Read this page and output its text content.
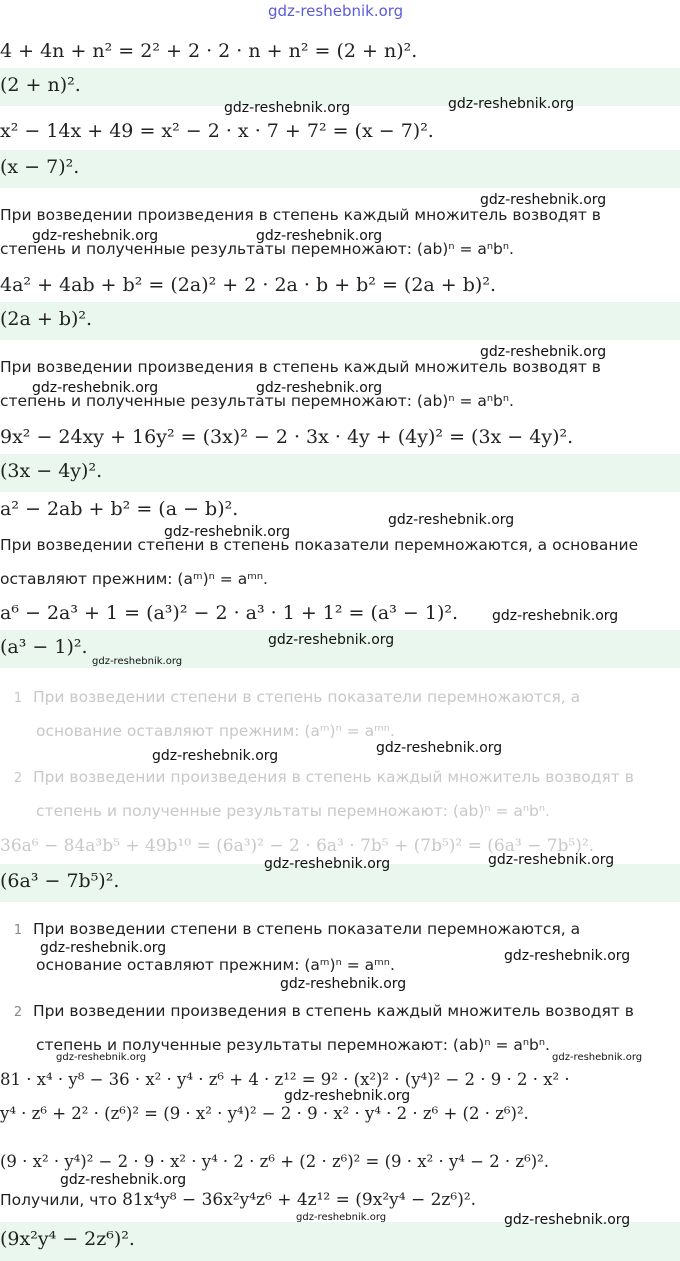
gdz-reshebnik.org
4 + 4n + n² = 2² + 2 · 2 · n + n² = (2 + n)².
(2 + n)².
x² − 14x + 49 = x² − 2 · x · 7 + 7² = (x − 7)².
(x − 7)².
При возведении произведения в степень каждый множитель возводят в
степень и полученные результаты перемножают: (ab)ⁿ = aⁿbⁿ.
4a² + 4ab + b² = (2a)² + 2 · 2a · b + b² = (2a + b)².
(2a + b)².
При возведении произведения в степень каждый множитель возводят в
степень и полученные результаты перемножают: (ab)ⁿ = aⁿbⁿ.
9x² − 24xy + 16y² = (3x)² − 2 · 3x · 4y + (4y)² = (3x − 4y)².
(3x − 4y)².
a² − 2ab + b² = (a − b)².
При возведении степени в степень показатели перемножаются, а основание
оставляют прежним: (aᵐ)ⁿ = aᵐⁿ.
a⁶ − 2a³ + 1 = (a³)² − 2 · a³ · 1 + 1² = (a³ − 1)².
(a³ − 1)².
1 При возведении степени в степень показатели перемножаются, а
основание оставляют прежним: (aᵐ)ⁿ = aᵐⁿ.
2 При возведении произведения в степень каждый множитель возводят в
степень и полученные результаты перемножают: (ab)ⁿ = aⁿbⁿ.
36a⁶ − 84a³b⁵ + 49b¹⁰ = (6a³)² − 2 · 6a³ · 7b⁵ + (7b⁵)² = (6a³ − 7b⁵)².
(6a³ − 7b⁵)².
1 При возведении степени в степень показатели перемножаются, а
основание оставляют прежним: (aᵐ)ⁿ = aᵐⁿ.
2 При возведении произведения в степень каждый множитель возводят в
степень и полученные результаты перемножают: (ab)ⁿ = aⁿbⁿ.
81 · x⁴ · y⁸ − 36 · x² · y⁴ · z⁶ + 4 · z¹² = 9² · (x²)² · (y⁴)² − 2 · 9 · 2 · x² ·
y⁴ · z⁶ + 2² · (z⁶)² = (9 · x² · y⁴)² − 2 · 9 · x² · y⁴ · 2 · z⁶ + (2 · z⁶)².
(9 · x² · y⁴)² − 2 · 9 · x² · y⁴ · 2 · z⁶ + (2 · z⁶)² = (9 · x² · y⁴ − 2 · z⁶)².
Получили, что 81x⁴y⁸ − 36x²y⁴z⁶ + 4z¹² = (9x²y⁴ − 2z⁶)².
(9x²y⁴ − 2z⁶)².
gdz-reshebnik.org	gdz-reshebnik.org
gdz-reshebnik.org
gdz-reshebnik.org	gdz-reshebnik.org
gdz-reshebnik.org
gdz-reshebnik.org	gdz-reshebnik.org
gdz-reshebnik.org
gdz-reshebnik.org
gdz-reshebnik.org
gdz-reshebnik.org
gdz-reshebnik.org
gdz-reshebnik.org	gdz-reshebnik.org
gdz-reshebnik.org	gdz-reshebnik.org
gdz-reshebnik.org	gdz-reshebnik.org
gdz-reshebnik.org
gdz-reshebnik.org	gdz-reshebnik.org
gdz-reshebnik.org
gdz-reshebnik.org
gdz-reshebnik.org	gdz-reshebnik.org
